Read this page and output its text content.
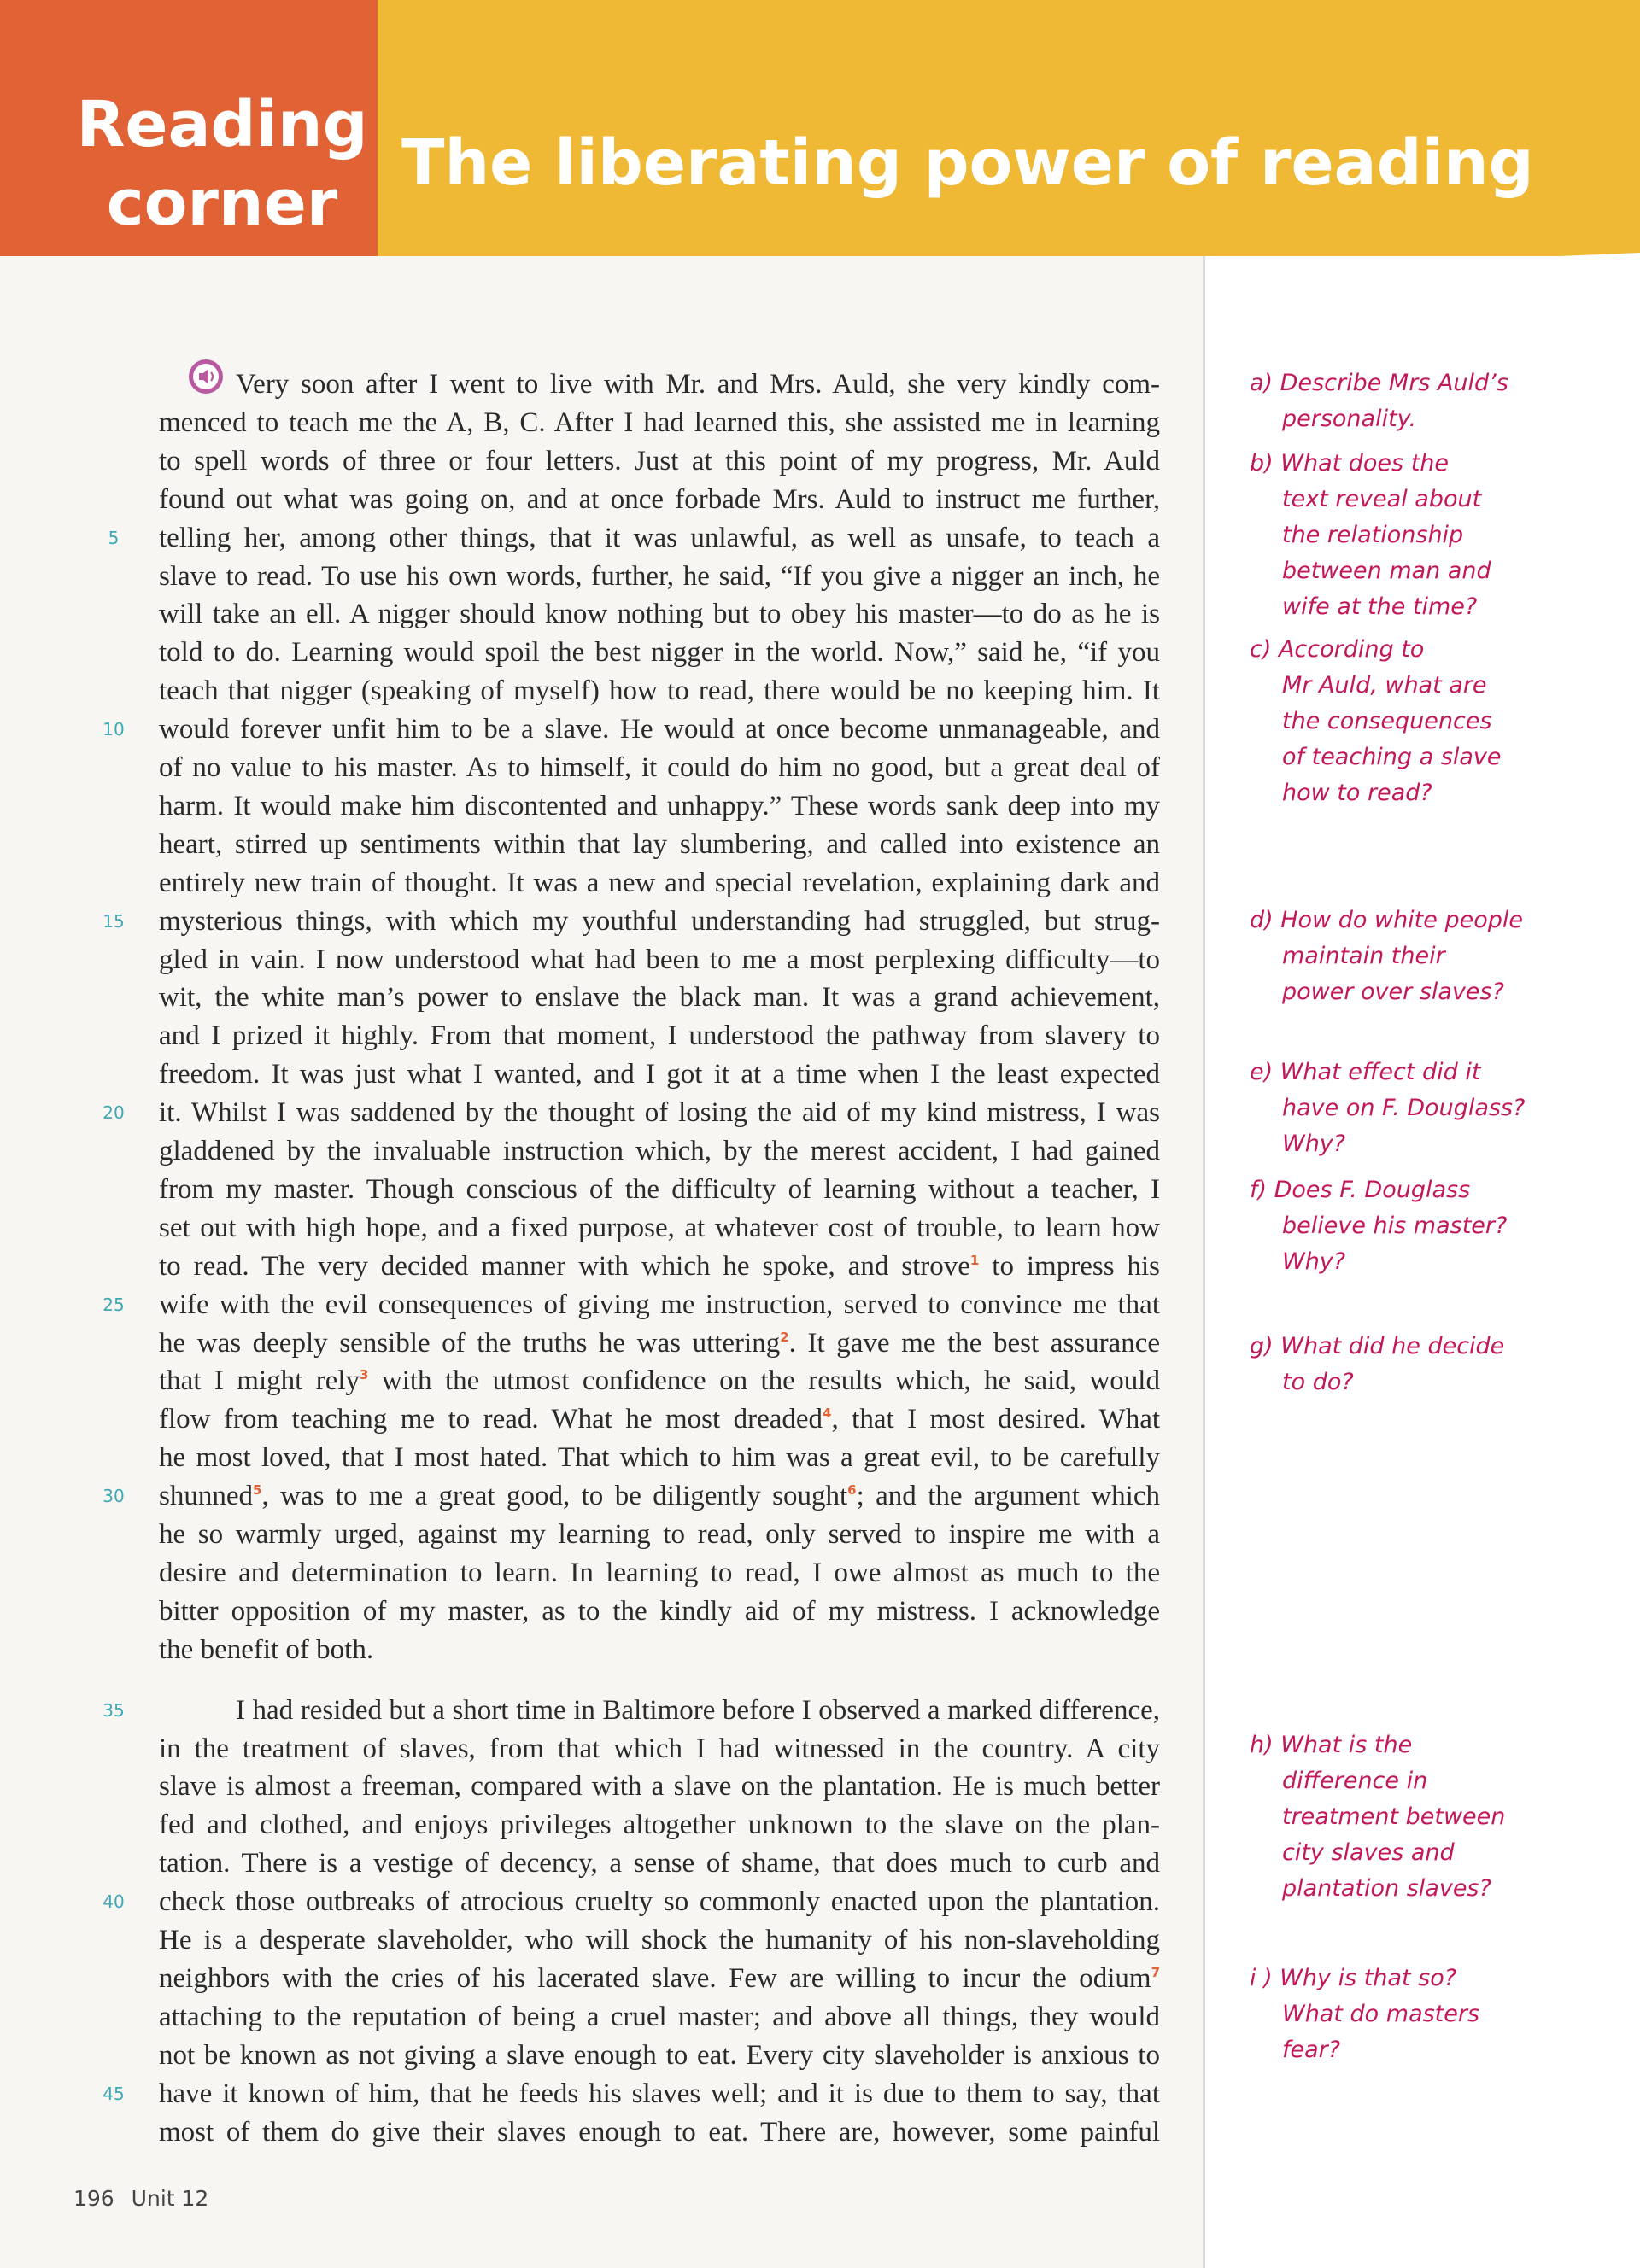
Reading
corner
The liberating power of reading
Very soon after I went to live with Mr. and Mrs. Auld, she very kindly com-
menced to teach me the A, B, C. After I had learned this, she assisted me in learning
to spell words of three or four letters. Just at this point of my progress, Mr. Auld
found out what was going on, and at once forbade Mrs. Auld to instruct me further,
telling her, among other things, that it was unlawful, as well as unsafe, to teach a
slave to read. To use his own words, further, he said, “If you give a nigger an inch, he
will take an ell. A nigger should know nothing but to obey his master—to do as he is
told to do. Learning would spoil the best nigger in the world. Now,” said he, “if you
teach that nigger (speaking of myself) how to read, there would be no keeping him. It
would forever unfit him to be a slave. He would at once become unmanageable, and
of no value to his master. As to himself, it could do him no good, but a great deal of
harm. It would make him discontented and unhappy.” These words sank deep into my
heart, stirred up sentiments within that lay slumbering, and called into existence an
entirely new train of thought. It was a new and special revelation, explaining dark and
mysterious things, with which my youthful understanding had struggled, but strug-
gled in vain. I now understood what had been to me a most perplexing difficulty—to
wit, the white man’s power to enslave the black man. It was a grand achievement,
and I prized it highly. From that moment, I understood the pathway from slavery to
freedom. It was just what I wanted, and I got it at a time when I the least expected
it. Whilst I was saddened by the thought of losing the aid of my kind mistress, I was
gladdened by the invaluable instruction which, by the merest accident, I had gained
from my master. Though conscious of the difficulty of learning without a teacher, I
set out with high hope, and a fixed purpose, at whatever cost of trouble, to learn how
to read. The very decided manner with which he spoke, and strove$^1$ to impress his
wife with the evil consequences of giving me instruction, served to convince me that
he was deeply sensible of the truths he was uttering$^2$. It gave me the best assurance
that I might rely$^3$ with the utmost confidence on the results which, he said, would
flow from teaching me to read. What he most dreaded$^4$, that I most desired. What
he most loved, that I most hated. That which to him was a great evil, to be carefully
shunned$^5$, was to me a great good, to be diligently sought$^6$; and the argument which
he so warmly urged, against my learning to read, only served to inspire me with a
desire and determination to learn. In learning to read, I owe almost as much to the
bitter opposition of my master, as to the kindly aid of my mistress. I acknowledge
the benefit of both.
I had resided but a short time in Baltimore before I observed a marked difference,
in the treatment of slaves, from that which I had witnessed in the country. A city
slave is almost a freeman, compared with a slave on the plantation. He is much better
fed and clothed, and enjoys privileges altogether unknown to the slave on the plan-
tation. There is a vestige of decency, a sense of shame, that does much to curb and
check those outbreaks of atrocious cruelty so commonly enacted upon the plantation.
He is a desperate slaveholder, who will shock the humanity of his non-slaveholding
neighbors with the cries of his lacerated slave. Few are willing to incur the odium$^7$
attaching to the reputation of being a cruel master; and above all things, they would
not be known as not giving a slave enough to eat. Every city slaveholder is anxious to
have it known of him, that he feeds his slaves well; and it is due to them to say, that
most of them do give their slaves enough to eat. There are, however, some painful
5
10
15
20
25
30
35
40
45
a) Describe Mrs Auld’s
personality.
b) What does the
text reveal about
the relationship
between man and
wife at the time?
c) According to
Mr Auld, what are
the consequences
of teaching a slave
how to read?
d) How do white people
maintain their
power over slaves?
e) What effect did it
have on F. Douglass?
Why?
f) Does F. Douglass
believe his master?
Why?
g) What did he decide
to do?
h) What is the
difference in
treatment between
city slaves and
plantation slaves?
i ) Why is that so?
What do masters
fear?
196 Unit 12
